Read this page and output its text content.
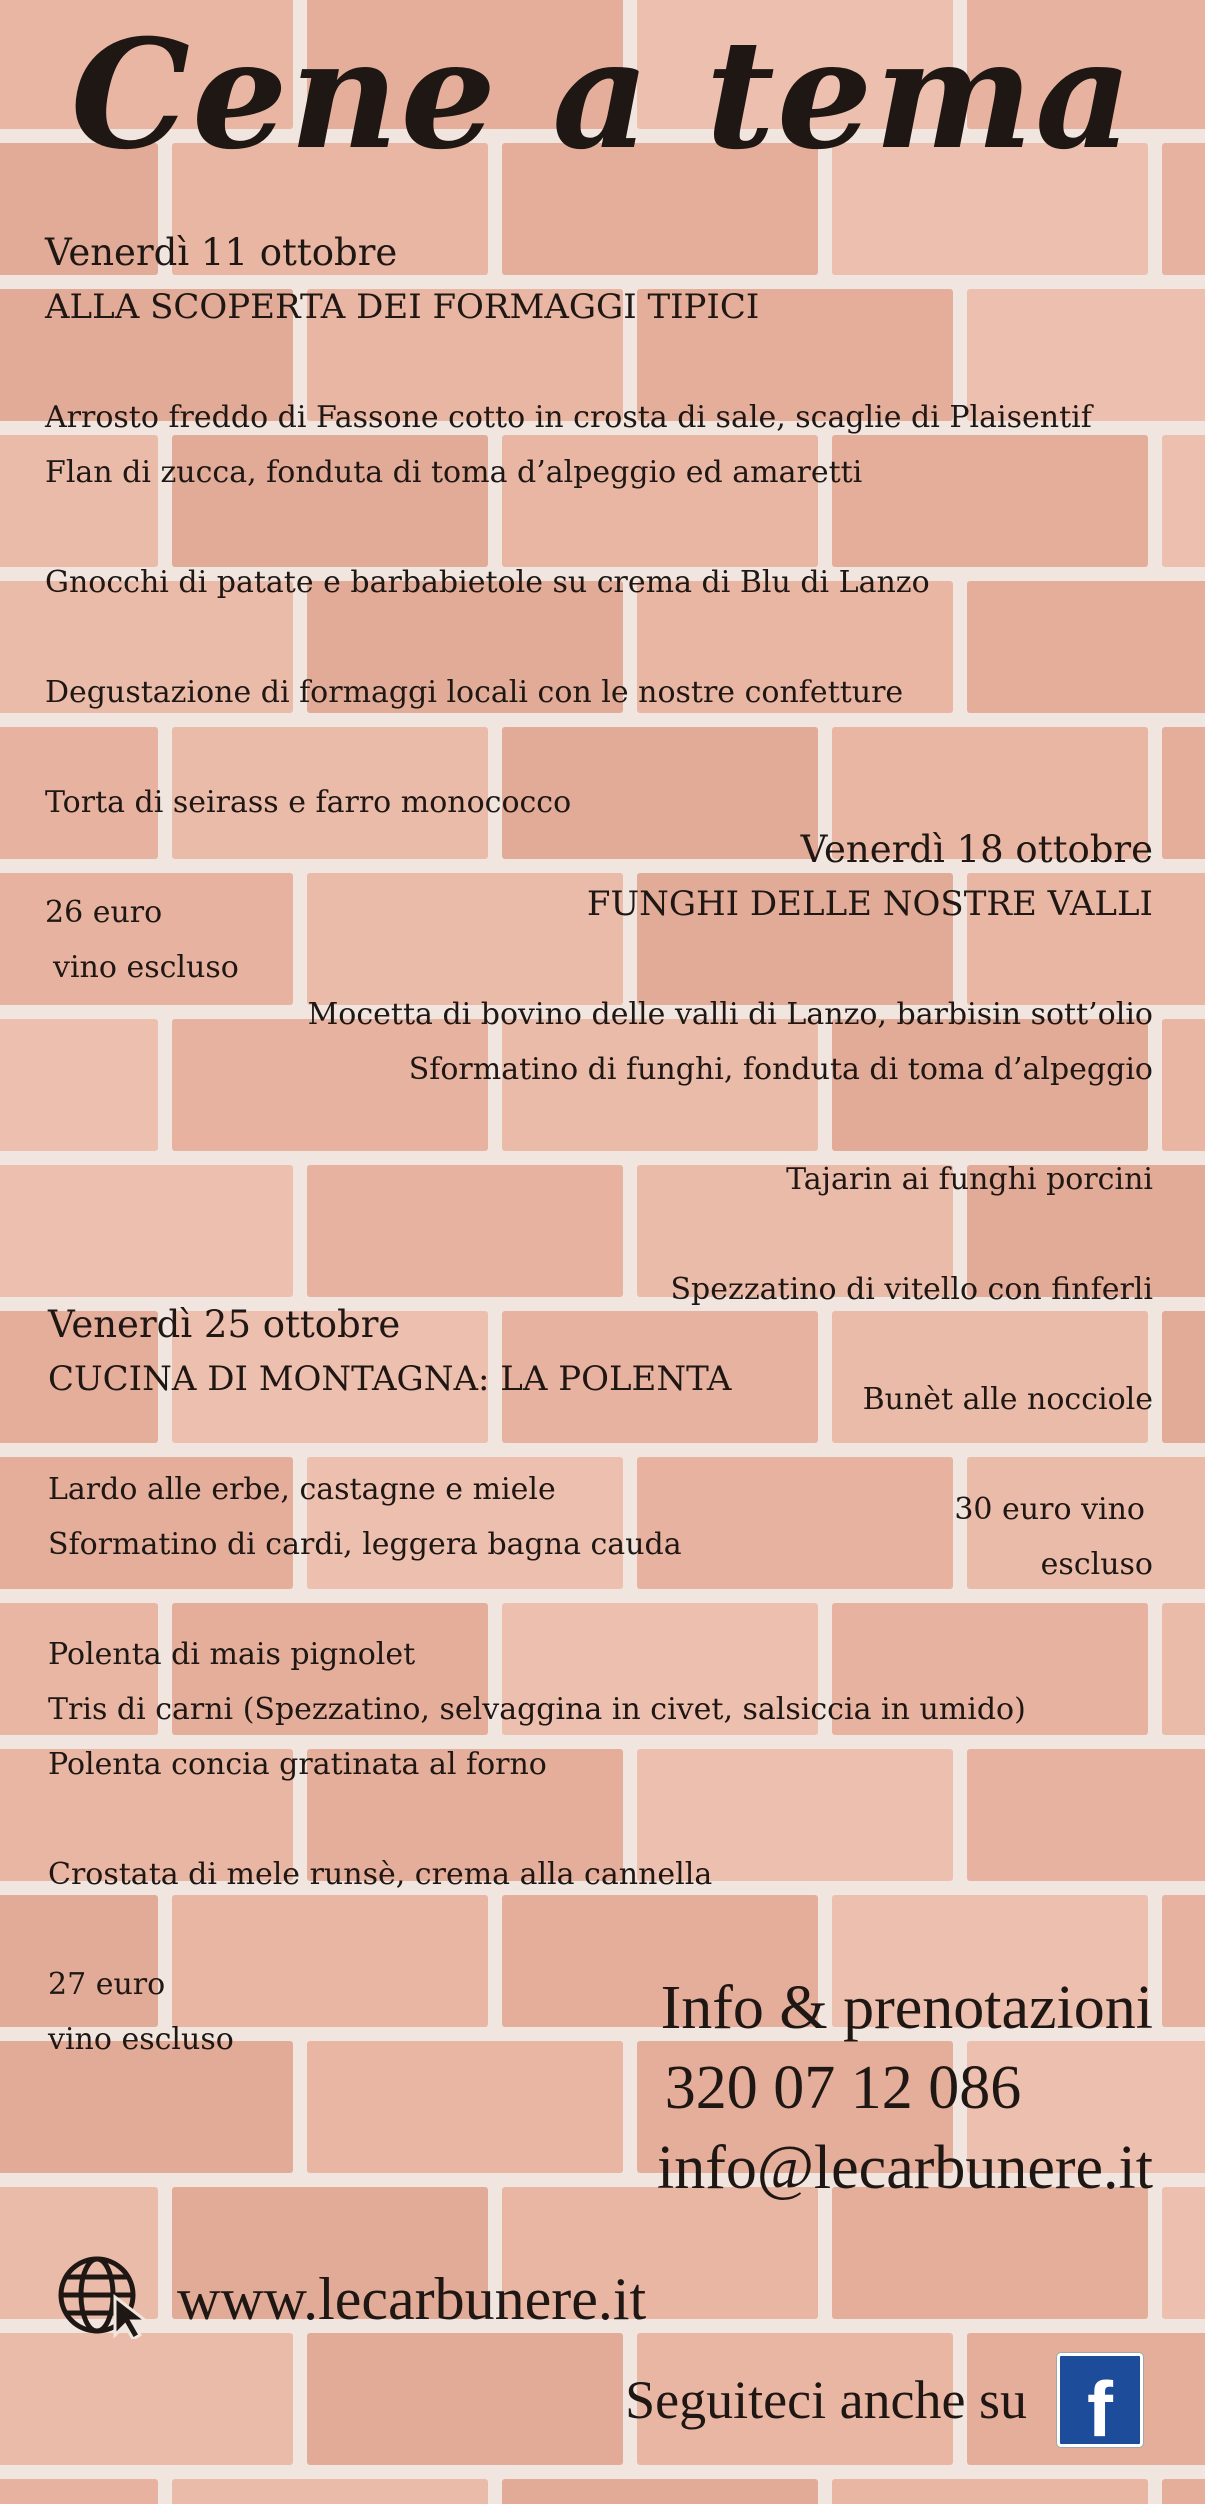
Cene a tema
Venerdì 11 ottobre
ALLA SCOPERTA DEI FORMAGGI TIPICI
Arrosto freddo di Fassone cotto in crosta di sale, scaglie di Plaisentif
Flan di zucca, fonduta di toma d’alpeggio ed amaretti
Gnocchi di patate e barbabietole su crema di Blu di Lanzo
Degustazione di formaggi locali con le nostre confetture
Torta di seirass e farro monococco
26 euro
vino escluso
Venerdì 18 ottobre
FUNGHI DELLE NOSTRE VALLI
Mocetta di bovino delle valli di Lanzo, barbisin sott’olio
Sformatino di funghi, fonduta di toma d’alpeggio
Tajarin ai funghi porcini
Spezzatino di vitello con finferli
Bunèt alle nocciole
30 euro vino
escluso
Venerdì 25 ottobre
CUCINA DI MONTAGNA: LA POLENTA
Lardo alle erbe, castagne e miele
Sformatino di cardi, leggera bagna cauda
Polenta di mais pignolet
Tris di carni (Spezzatino, selvaggina in civet, salsiccia in umido)
Polenta concia gratinata al forno
Crostata di mele runsè, crema alla cannella
27 euro
vino escluso	Info & prenotazioni
320 07 12 086
info@lecarbunere.it
www.lecarbunere.it
Seguiteci anche su f
